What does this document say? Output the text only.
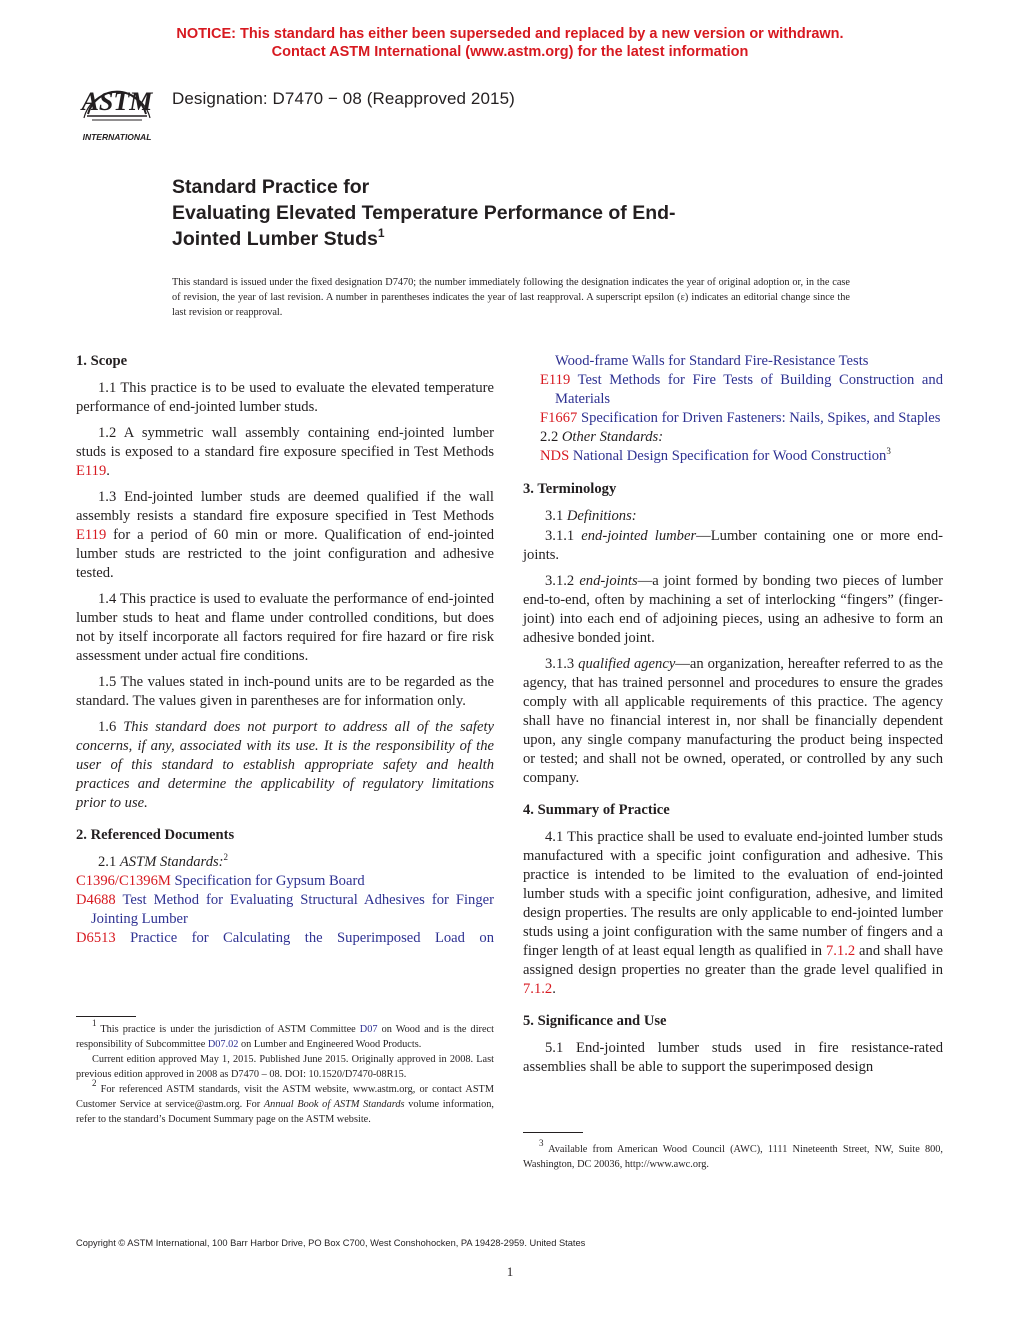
NOTICE: This standard has either been superseded and replaced by a new version or withdrawn.
Contact ASTM International (www.astm.org) for the latest information
ASTM
INTERNATIONAL
Designation: D7470 − 08 (Reapproved 2015)
Standard Practice for
Evaluating Elevated Temperature Performance of End-
Jointed Lumber Studs$^1$
This standard is issued under the fixed designation D7470; the number immediately following the designation indicates the year of original adoption or, in the case of revision, the year of last revision. A number in parentheses indicates the year of last reapproval. A superscript epsilon (ε) indicates an editorial change since the last revision or reapproval.

1. Scope

1.1 This practice is to be used to evaluate the elevated temperature performance of end-jointed lumber studs.

1.2 A symmetric wall assembly containing end-jointed lumber studs is exposed to a standard fire exposure specified in Test Methods E119.

1.3 End-jointed lumber studs are deemed qualified if the wall assembly resists a standard fire exposure specified in Test Methods E119 for a period of 60 min or more. Qualification of end-jointed lumber studs are restricted to the joint configuration and adhesive tested.

1.4 This practice is used to evaluate the performance of end-jointed lumber studs to heat and flame under controlled conditions, but does not by itself incorporate all factors required for fire hazard or fire risk assessment under actual fire conditions.

1.5 The values stated in inch-pound units are to be regarded as the standard. The values given in parentheses are for information only.

1.6 This standard does not purport to address all of the safety concerns, if any, associated with its use. It is the responsibility of the user of this standard to establish appropriate safety and health practices and determine the applicability of regulatory limitations prior to use.

2. Referenced Documents

2.1 ASTM Standards:$^2$

C1396/C1396M Specification for Gypsum Board

D4688 Test Method for Evaluating Structural Adhesives for Finger Jointing Lumber

D6513 Practice for Calculating the Superimposed Load on

Wood-frame Walls for Standard Fire-Resistance Tests

E119 Test Methods for Fire Tests of Building Construction and Materials

F1667 Specification for Driven Fasteners: Nails, Spikes, and Staples

2.2 Other Standards:

NDS National Design Specification for Wood Construction$^3$

3. Terminology

3.1 Definitions:

3.1.1 end-jointed lumber—Lumber containing one or more end-joints.

3.1.2 end-joints—a joint formed by bonding two pieces of lumber end-to-end, often by machining a set of interlocking “fingers” (finger-joint) into each end of adjoining pieces, using an adhesive to form an adhesive bonded joint.

3.1.3 qualified agency—an organization, hereafter referred to as the agency, that has trained personnel and procedures to ensure the grades comply with all applicable requirements of this practice. The agency shall have no financial interest in, nor shall be financially dependent upon, any single company manufacturing the product being inspected or tested; and shall not be owned, operated, or controlled by any such company.

4. Summary of Practice

4.1 This practice shall be used to evaluate end-jointed lumber studs manufactured with a specific joint configuration and adhesive. This practice is intended to be limited to the evaluation of end-jointed lumber studs with a specific joint configuration, adhesive, and limited design properties. The results are only applicable to end-jointed lumber studs using a joint configuration with the same number of fingers and a finger length of at least equal length as qualified in 7.1.2 and shall have assigned design properties no greater than the grade level qualified in 7.1.2.

5. Significance and Use

5.1 End-jointed lumber studs used in fire resistance-rated assemblies shall be able to support the superimposed design

$^1$ This practice is under the jurisdiction of ASTM Committee D07 on Wood and is the direct responsibility of Subcommittee D07.02 on Lumber and Engineered Wood Products.

Current edition approved May 1, 2015. Published June 2015. Originally approved in 2008. Last previous edition approved in 2008 as D7470 – 08. DOI: 10.1520/D7470-08R15.

$^2$ For referenced ASTM standards, visit the ASTM website, www.astm.org, or contact ASTM Customer Service at service@astm.org. For Annual Book of ASTM Standards volume information, refer to the standard’s Document Summary page on the ASTM website.

$^3$ Available from American Wood Council (AWC), 1111 Nineteenth Street, NW, Suite 800, Washington, DC 20036, http://www.awc.org.

Copyright © ASTM International, 100 Barr Harbor Drive, PO Box C700, West Conshohocken, PA 19428-2959. United States
1
